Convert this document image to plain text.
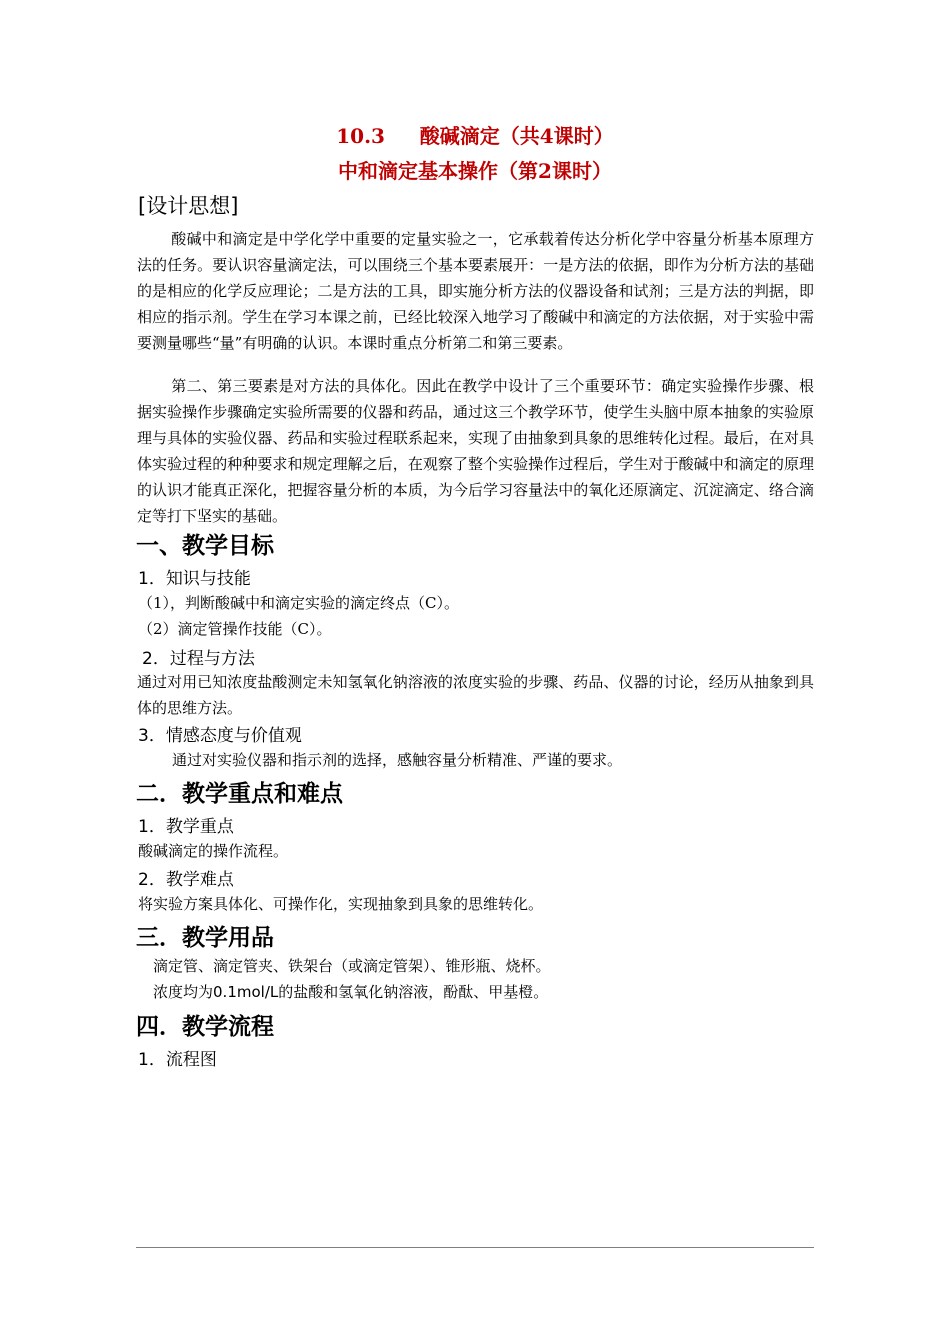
10.3     酸碱滴定（共4课时）
中和滴定基本操作（第2课时）
[设计思想]
酸碱中和滴定是中学化学中重要的定量实验之一，它承载着传达分析化学中容量分析基本原理方法的任务。要认识容量滴定法，可以围绕三个基本要素展开：一是方法的依据，即作为分析方法的基础的是相应的化学反应理论；二是方法的工具，即实施分析方法的仪器设备和试剂；三是方法的判据，即相应的指示剂。学生在学习本课之前，已经比较深入地学习了酸碱中和滴定的方法依据，对于实验中需要测量哪些“量”有明确的认识。本课时重点分析第二和第三要素。
第二、第三要素是对方法的具体化。因此在教学中设计了三个重要环节：确定实验操作步骤、根据实验操作步骤确定实验所需要的仪器和药品，通过这三个教学环节，使学生头脑中原本抽象的实验原理与具体的实验仪器、药品和实验过程联系起来，实现了由抽象到具象的思维转化过程。最后，在对具体实验过程的种种要求和规定理解之后，在观察了整个实验操作过程后，学生对于酸碱中和滴定的原理的认识才能真正深化，把握容量分析的本质，为今后学习容量法中的氧化还原滴定、沉淀滴定、络合滴定等打下坚实的基础。
一、教学目标
1．知识与技能
（1），判断酸碱中和滴定实验的滴定终点（C）。
（2）滴定管操作技能（C）。
2．过程与方法
通过对用已知浓度盐酸测定未知氢氧化钠溶液的浓度实验的步骤、药品、仪器的讨论，经历从抽象到具体的思维方法。
3．情感态度与价值观
通过对实验仪器和指示剂的选择，感触容量分析精准、严谨的要求。
二．教学重点和难点
1．教学重点
酸碱滴定的操作流程。
2．教学难点
将实验方案具体化、可操作化，实现抽象到具象的思维转化。
三．教学用品
滴定管、滴定管夹、铁架台（或滴定管架）、锥形瓶、烧杯。
浓度均为0.1mol/L的盐酸和氢氧化钠溶液，酚酞、甲基橙。
四．教学流程
1．流程图
